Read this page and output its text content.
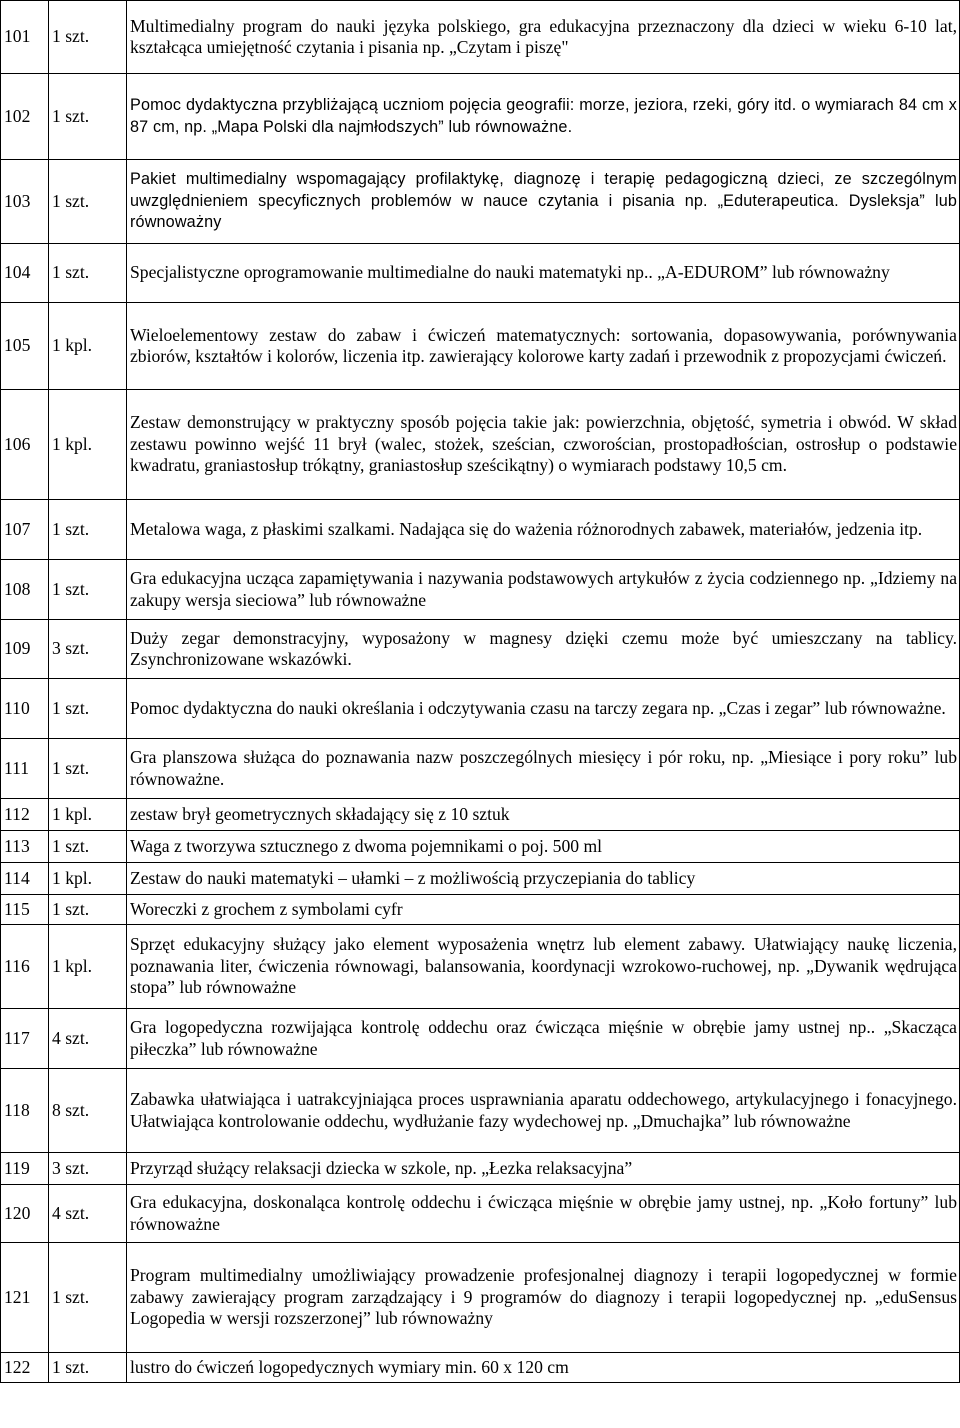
101	1 szt.	Multimedialny program do nauki języka polskiego, gra edukacyjna przeznaczony dla dzieci w wieku 6-10 lat, kształcąca umiejętność czytania i pisania np. „Czytam i piszę"
102	1 szt.	Pomoc dydaktyczna przybliżającą uczniom pojęcia geografii: morze, jeziora, rzeki, góry itd. o wymiarach 84 cm x 87 cm, np. „Mapa Polski dla najmłodszych” lub równoważne.
103	1 szt.	Pakiet multimedialny wspomagający profilaktykę, diagnozę i terapię pedagogiczną dzieci, ze szczególnym uwzględnieniem specyficznych problemów w nauce czytania i pisania np. „Eduterapeutica. Dysleksja” lub równoważny
104	1 szt.	Specjalistyczne oprogramowanie multimedialne do nauki matematyki np.. „A-EDUROM” lub równoważny
105	1 kpl.	Wieloelementowy zestaw do zabaw i ćwiczeń matematycznych: sortowania, dopasowywania, porównywania zbiorów, kształtów i kolorów, liczenia itp. zawierający kolorowe karty zadań i przewodnik z propozycjami ćwiczeń.
106	1 kpl.	Zestaw demonstrujący w praktyczny sposób pojęcia takie jak: powierzchnia, objętość, symetria i obwód. W skład zestawu powinno wejść 11 brył (walec, stożek, sześcian, czworościan, prostopadłościan, ostrosłup o podstawie kwadratu, graniastosłup trókątny, graniastosłup sześcikątny) o wymiarach podstawy 10,5 cm.
107	1 szt.	Metalowa waga, z płaskimi szalkami. Nadająca się do ważenia różnorodnych zabawek, materiałów, jedzenia itp.
108	1 szt.	Gra edukacyjna ucząca zapamiętywania i nazywania podstawowych artykułów z życia codziennego np. „Idziemy na zakupy wersja sieciowa” lub równoważne
109	3 szt.	Duży zegar demonstracyjny, wyposażony w magnesy dzięki czemu może być umieszczany na tablicy. Zsynchronizowane wskazówki.
110	1 szt.	Pomoc dydaktyczna do nauki określania i odczytywania czasu na tarczy zegara np. „Czas i zegar” lub równoważne.
111	1 szt.	Gra planszowa służąca do poznawania nazw poszczególnych miesięcy i pór roku, np. „Miesiące i pory roku” lub równoważne.
112	1 kpl.	zestaw brył geometrycznych składający się z 10 sztuk
113	1 szt.	Waga z tworzywa sztucznego z dwoma pojemnikami o poj. 500 ml
114	1 kpl.	Zestaw do nauki matematyki – ułamki – z możliwością przyczepiania do tablicy
115	1 szt.	Woreczki z grochem z symbolami cyfr
116	1 kpl.	Sprzęt edukacyjny służący jako element wyposażenia wnętrz lub element zabawy. Ułatwiający naukę liczenia, poznawania liter, ćwiczenia równowagi, balansowania, koordynacji wzrokowo-ruchowej, np. „Dywanik wędrująca stopa” lub równoważne
117	4 szt.	Gra logopedyczna rozwijająca kontrolę oddechu oraz ćwicząca mięśnie w obrębie jamy ustnej np.. „Skacząca piłeczka” lub równoważne
118	8 szt.	Zabawka ułatwiająca i uatrakcyjniająca proces usprawniania aparatu oddechowego, artykulacyjnego i fonacyjnego. Ułatwiająca kontrolowanie oddechu, wydłużanie fazy wydechowej np. „Dmuchajka” lub równoważne
119	3 szt.	Przyrząd służący relaksacji dziecka w szkole, np. „Łezka relaksacyjna”
120	4 szt.	Gra edukacyjna, doskonaląca kontrolę oddechu i ćwicząca mięśnie w obrębie jamy ustnej, np. „Koło fortuny” lub równoważne
121	1 szt.	Program multimedialny umożliwiający prowadzenie profesjonalnej diagnozy i terapii logopedycznej w formie zabawy zawierający program zarządzający i 9 programów do diagnozy i terapii logopedycznej np. „eduSensus Logopedia w wersji rozszerzonej” lub równoważny
122	1 szt.	lustro do ćwiczeń logopedycznych wymiary min. 60 x 120 cm
